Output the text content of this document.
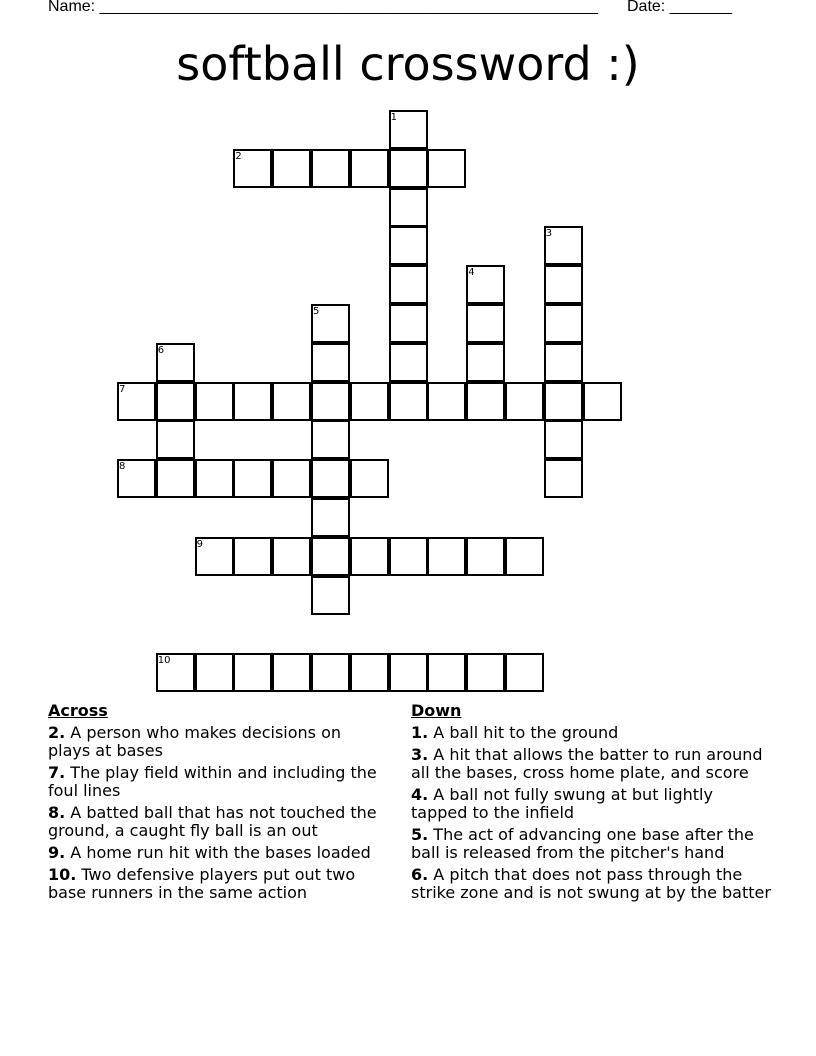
Name: ________________________________________________________ Date: _______
softball crossword :)
1
2
3
4
5
6
7
8
9
10
Across
2. A person who makes decisions on plays at bases
7. The play field within and including the foul lines
8. A batted ball that has not touched the ground, a caught fly ball is an out
9. A home run hit with the bases loaded
10. Two defensive players put out two base runners in the same action
Down
1. A ball hit to the ground
3. A hit that allows the batter to run around all the bases, cross home plate, and score
4. A ball not fully swung at but lightly tapped to the infield
5. The act of advancing one base after the ball is released from the pitcher's hand
6. A pitch that does not pass through the strike zone and is not swung at by the batter
